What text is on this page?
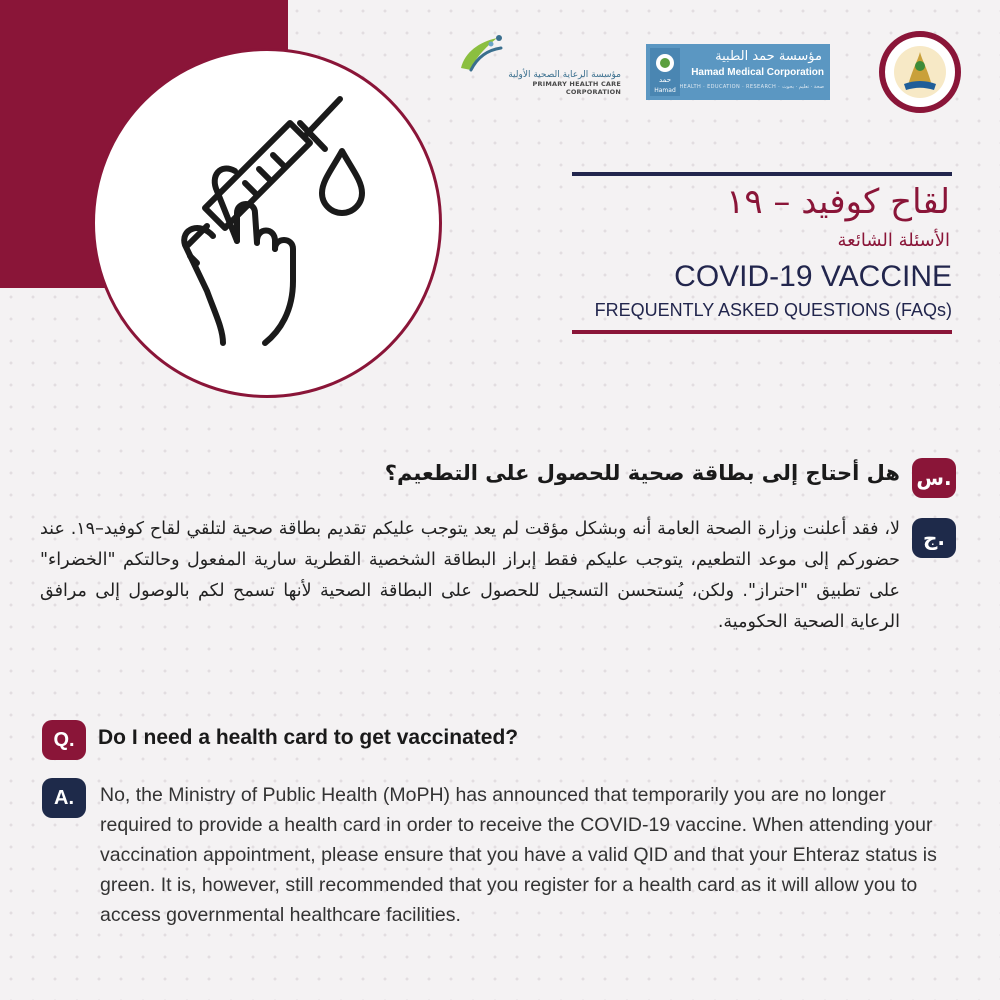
مؤسسة الرعاية الصحية الأولية
PRIMARY HEALTH CARE CORPORATION
حمد
Hamad
مؤسسة حمد الطبية
Hamad Medical Corporation
HEALTH · EDUCATION · RESEARCH · صحة · تعليم · بحوث
لقاح كوفيد – ١٩
الأسئلة الشائعة
COVID-19 VACCINE
FREQUENTLY ASKED QUESTIONS (FAQs)
س.
هل أحتاج إلى بطاقة صحية للحصول على التطعيم؟
ج.
لا، فقد أعلنت وزارة الصحة العامة أنه وبشكل مؤقت لم يعد يتوجب عليكم تقديم بطاقة صحية لتلقي لقاح كوفيد–١٩. عند حضوركم إلى موعد التطعيم، يتوجب عليكم فقط إبراز البطاقة الشخصية القطرية سارية المفعول وحالتكم "الخضراء" على تطبيق "احتراز". ولكن، يُستحسن التسجيل للحصول على البطاقة الصحية لأنها تسمح لكم بالوصول إلى مرافق الرعاية الصحية الحكومية.
Q.	Do I need a health card to get vaccinated?
A.	No, the Ministry of Public Health (MoPH) has announced that temporarily you are no longer required to provide a health card in order to receive the COVID-19 vaccine. When attending your vaccination appointment, please ensure that you have a valid QID and that your Ehteraz status is green. It is, however, still recommended that you register for a health card as it will allow you to access governmental healthcare facilities.
